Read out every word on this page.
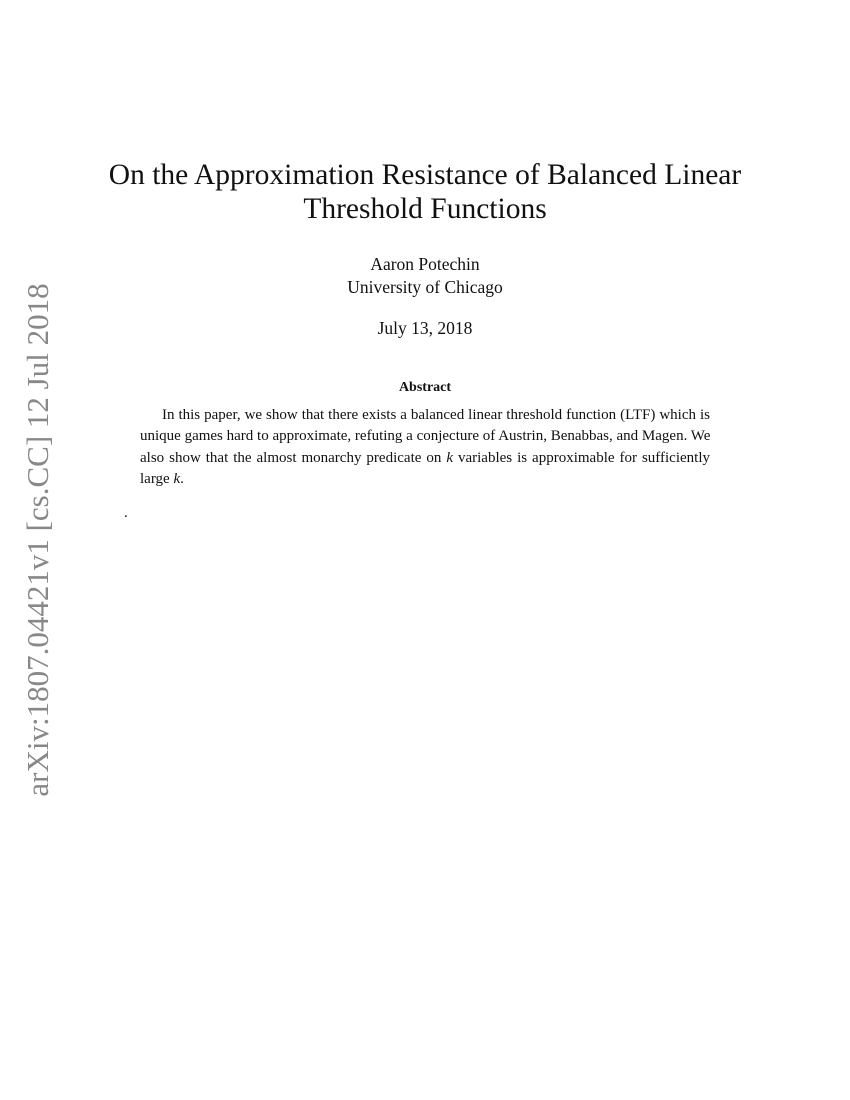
arXiv:1807.04421v1 [cs.CC] 12 Jul 2018
On the Approximation Resistance of Balanced Linear
Threshold Functions
Aaron Potechin
University of Chicago
July 13, 2018
Abstract
In this paper, we show that there exists a balanced linear threshold function (LTF) which is
unique games hard to approximate, refuting a conjecture of Austrin, Benabbas, and Magen. We
also show that the almost monarchy predicate on k variables is approximable for sufficiently
large k.
.
